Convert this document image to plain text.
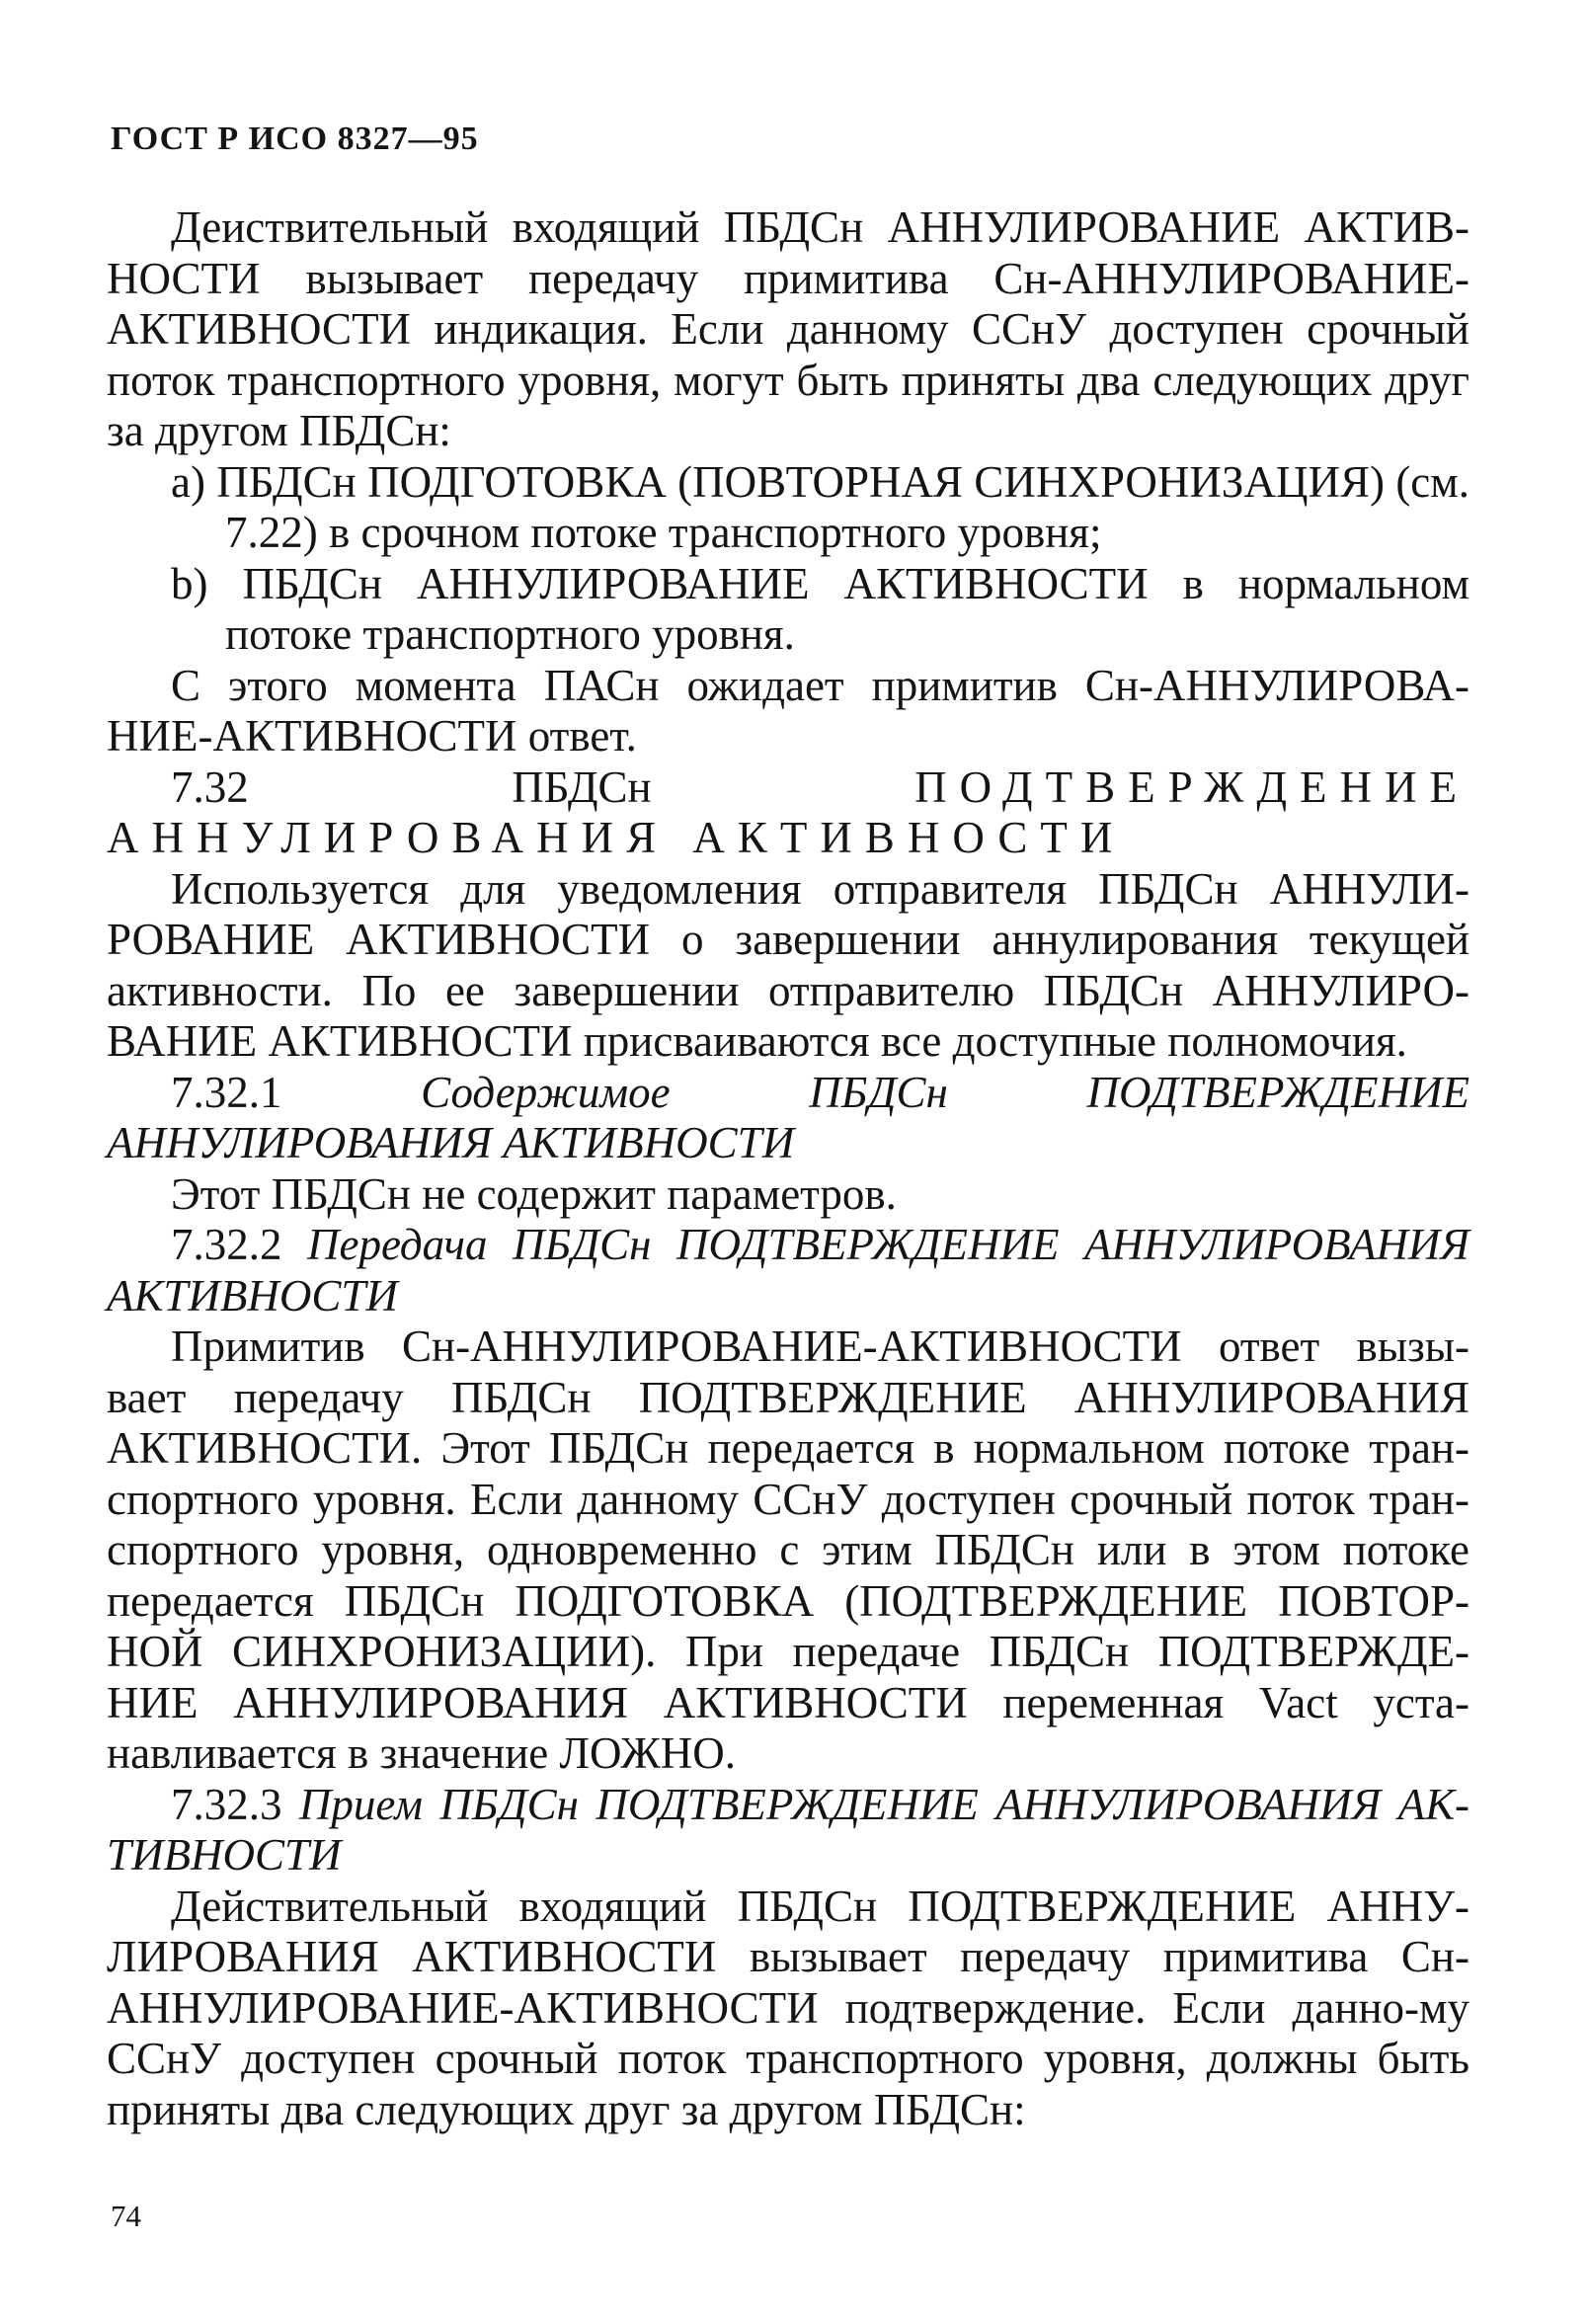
ГОСТ Р ИСО 8327—95

Деиствительный входящий ПБДСн АННУЛИРОВАНИЕ АКТИВ-НОСТИ вызывает передачу примитива Сн-АННУЛИРОВАНИЕ-АКТИВНОСТИ индикация. Если данному ССнУ доступен срочный поток транспортного уровня, могут быть приняты два следующих друг за другом ПБДСн:

а) ПБДСн ПОДГОТОВКА (ПОВТОРНАЯ СИНХРОНИЗАЦИЯ) (см. 7.22) в срочном потоке транспортного уровня;

b) ПБДСн АННУЛИРОВАНИЕ АКТИВНОСТИ в нормальном потоке транспортного уровня.

С этого момента ПАСн ожидает примитив Сн-АННУЛИРОВА-НИЕ-АКТИВНОСТИ ответ.

7.32 ПБДСн	ПОДТВЕРЖДЕНИЕ АННУЛИРОВАНИЯ АКТИВНОСТИ

Используется для уведомления отправителя ПБДСн АННУЛИ-РОВАНИЕ АКТИВНОСТИ о завершении аннулирования текущей активности. По ее завершении отправителю ПБДСн АННУЛИРО-ВАНИЕ АКТИВНОСТИ присваиваются все доступные полномочия.

7.32.1	Содержимое ПБДСн ПОДТВЕРЖДЕНИЕ АННУЛИРОВАНИЯ АКТИВНОСТИ

Этот ПБДСн не содержит параметров.

7.32.2 Передача ПБДСн ПОДТВЕРЖДЕНИЕ АННУЛИРОВАНИЯ АКТИВНОСТИ

Примитив Сн-АННУЛИРОВАНИЕ-АКТИВНОСТИ ответ вызы-вает передачу ПБДСн ПОДТВЕРЖДЕНИЕ АННУЛИРОВАНИЯ АКТИВНОСТИ. Этот ПБДСн передается в нормальном потоке тран-спортного уровня. Если данному ССнУ доступен срочный поток тран-спортного уровня, одновременно с этим ПБДСн или в этом потоке передается ПБДСн ПОДГОТОВКА (ПОДТВЕРЖДЕНИЕ ПОВТОР-НОЙ СИНХРОНИЗАЦИИ). При передаче ПБДСн ПОДТВЕРЖДЕ-НИЕ АННУЛИРОВАНИЯ АКТИВНОСТИ переменная Vact уста-навливается в значение ЛОЖНО.

7.32.3 Прием ПБДСн ПОДТВЕРЖДЕНИЕ АННУЛИРОВАНИЯ АК-ТИВНОСТИ

Действительный входящий ПБДСн ПОДТВЕРЖДЕНИЕ АННУ-ЛИРОВАНИЯ АКТИВНОСТИ вызывает передачу примитива Сн-АННУЛИРОВАНИЕ-АКТИВНОСТИ подтверждение. Если данно-му ССнУ доступен срочный поток транспортного уровня, должны быть приняты два следующих друг за другом ПБДСн:

74
